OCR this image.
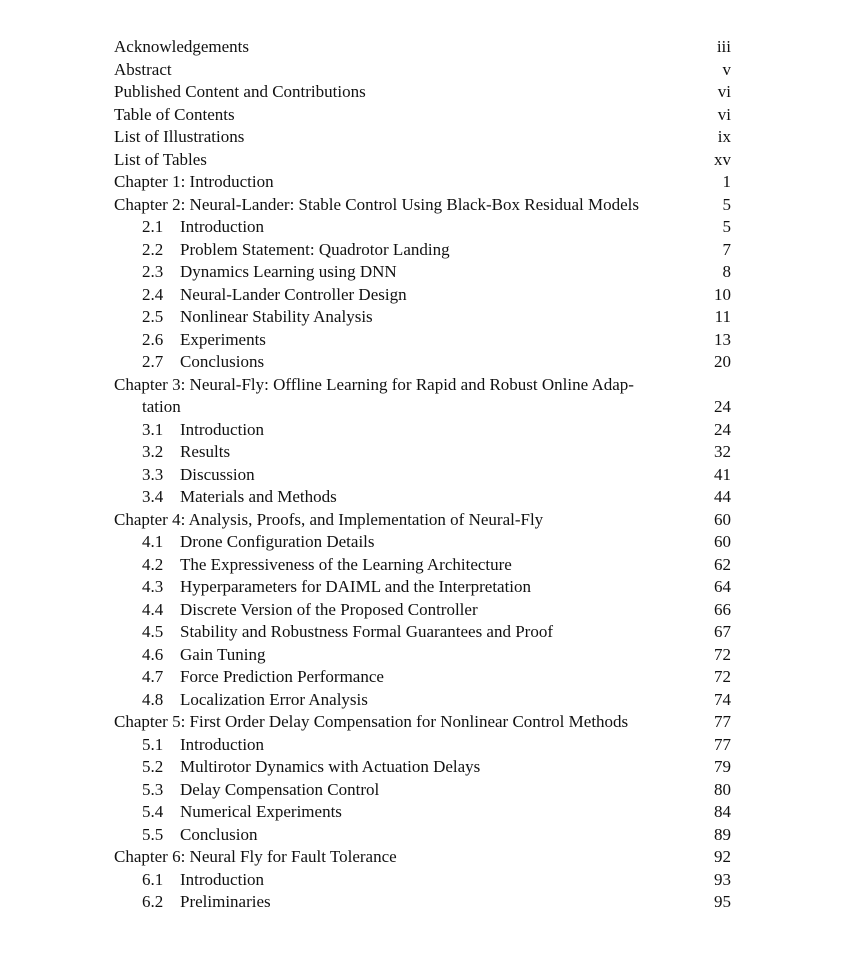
Acknowledgements	iii
Abstract	v
Published Content and Contributions	vi
Table of Contents	vi
List of Illustrations	ix
List of Tables	xv
Chapter 1: Introduction	1
Chapter 2: Neural-Lander: Stable Control Using Black-Box Residual Models	5
2.1 Introduction	5
2.2 Problem Statement: Quadrotor Landing	7
2.3 Dynamics Learning using DNN	8
2.4 Neural-Lander Controller Design	10
2.5 Nonlinear Stability Analysis	11
2.6 Experiments	13
2.7 Conclusions	20
Chapter 3: Neural-Fly: Offline Learning for Rapid and Robust Online Adap-
tation	24
3.1 Introduction	24
3.2 Results	32
3.3 Discussion	41
3.4 Materials and Methods	44
Chapter 4: Analysis, Proofs, and Implementation of Neural-Fly	60
4.1 Drone Configuration Details	60
4.2 The Expressiveness of the Learning Architecture	62
4.3 Hyperparameters for DAIML and the Interpretation	64
4.4 Discrete Version of the Proposed Controller	66
4.5 Stability and Robustness Formal Guarantees and Proof	67
4.6 Gain Tuning	72
4.7 Force Prediction Performance	72
4.8 Localization Error Analysis	74
Chapter 5: First Order Delay Compensation for Nonlinear Control Methods	77
5.1 Introduction	77
5.2 Multirotor Dynamics with Actuation Delays	79
5.3 Delay Compensation Control	80
5.4 Numerical Experiments	84
5.5 Conclusion	89
Chapter 6: Neural Fly for Fault Tolerance	92
6.1 Introduction	93
6.2 Preliminaries	95
